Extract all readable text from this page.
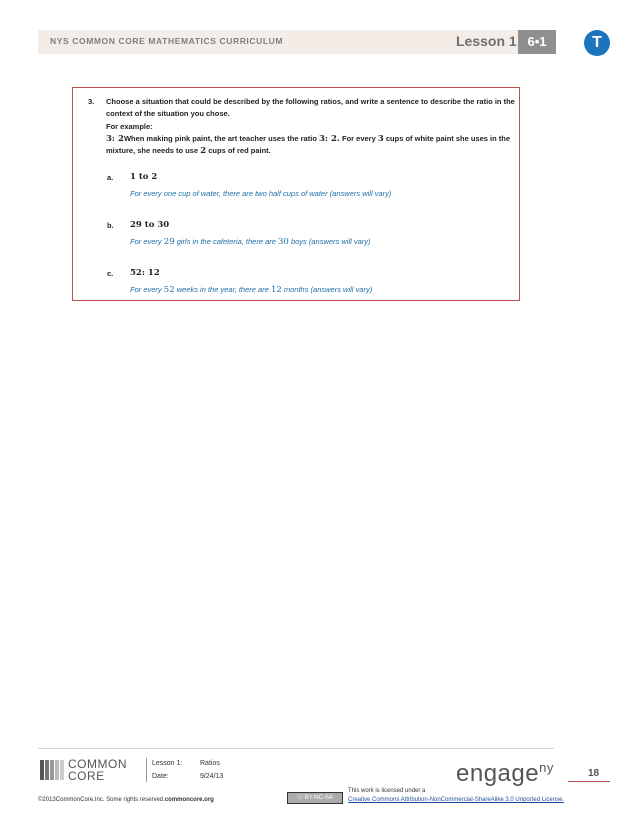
NYS COMMON CORE MATHEMATICS CURRICULUM	Lesson 1 6•1	T
3. Choose a situation that could be described by the following ratios, and write a sentence to describe the ratio in the
context of the situation you chose.
For example:
3: 2When making pink paint, the art teacher uses the ratio 3: 2. For every 3 cups of white paint she uses in the
mixture, she needs to use 2 cups of red paint.
a. 1 to 2
For every one cup of water, there are two half cups of water (answers will vary)
b. 29 to 30
For every 29 girls in the cafeteria, there are 30 boys (answers will vary)
c. 52: 12
For every 52 weeks in the year, there are 12 months (answers will vary)
COMMON
CORE
Lesson 1:	Ratios
Date:	9/24/13	engage$^{ny}$	18
ⓒ BY-NC-SA
This work is licensed under a
Creative Commons Attribution-NonCommercial-ShareAlike 3.0 Unported License.
©2013CommonCore,Inc. Some rights reserved.commoncore.org
